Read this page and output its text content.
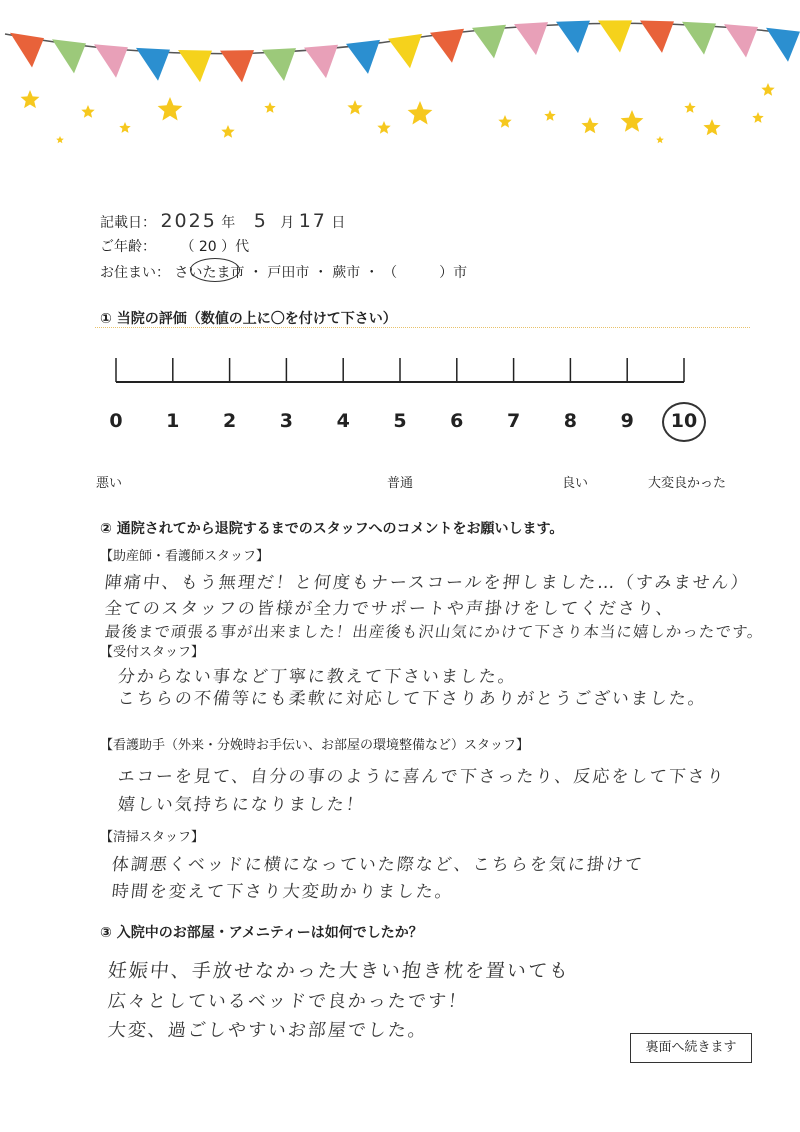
記載日： 2025 年 5 月 17 日
ご年齢： （ 20 ）代
お住まい： さいたま市 ・ 戸田市 ・ 蕨市 ・ （　　　）市
① 当院の評価（数値の上に〇を付けて下さい）
0 1 2 3 4 5 6 7 8 9 10
悪い	普通	良い	大変良かった
② 通院されてから退院するまでのスタッフへのコメントをお願いします。
【助産師・看護師スタッフ】
陣痛中、もう無理だ！と何度もナースコールを押しました…（すみません）
全てのスタッフの皆様が全力でサポートや声掛けをしてくださり、
最後まで頑張る事が出来ました！出産後も沢山気にかけて下さり本当に嬉しかったです。
【受付スタッフ】
分からない事など丁寧に教えて下さいました。
こちらの不備等にも柔軟に対応して下さりありがとうございました。
【看護助手（外来・分娩時お手伝い、お部屋の環境整備など）スタッフ】
エコーを見て、自分の事のように喜んで下さったり、反応をして下さり
嬉しい気持ちになりました！
【清掃スタッフ】
体調悪くベッドに横になっていた際など、こちらを気に掛けて
時間を変えて下さり大変助かりました。
③ 入院中のお部屋・アメニティーは如何でしたか？
妊娠中、手放せなかった大きい抱き枕を置いても
広々としているベッドで良かったです！
大変、過ごしやすいお部屋でした。
裏面へ続きます
